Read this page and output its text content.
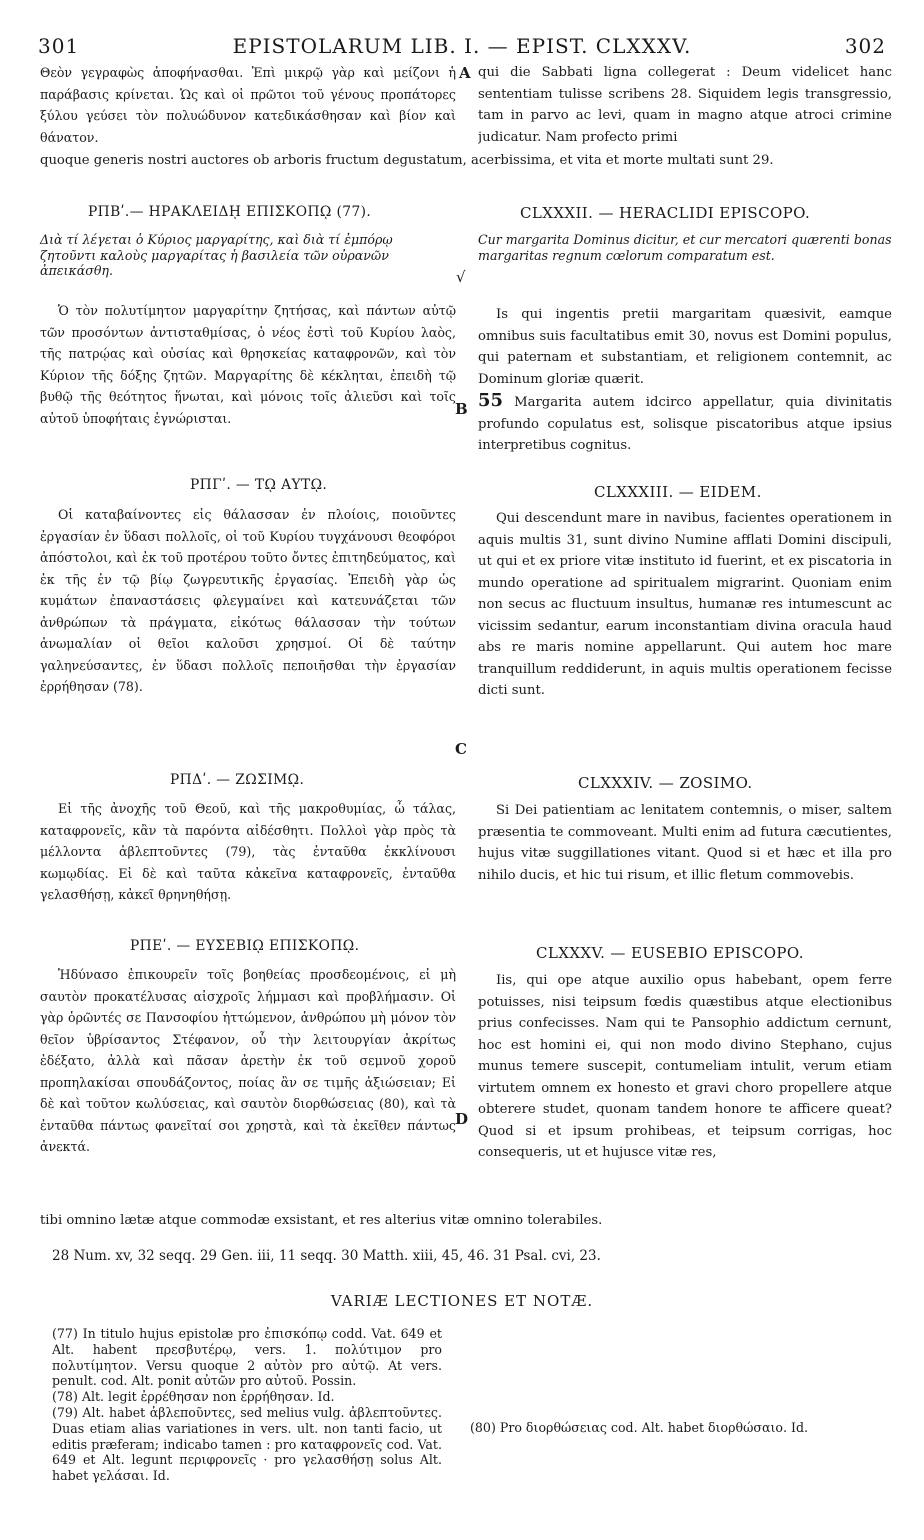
301	EPISTOLARUM LIB. I. — EPIST. CLXXXV.	302
Θεὸν γεγραφὼς ἀποφήνασθαι. Ἐπὶ μικρῷ γὰρ καὶ μείζονι ἡ παράβασις κρίνεται. Ὡς καὶ οἱ πρῶτοι τοῦ γένους προπάτορες ξύλου γεύσει τὸν πολυώδυνον κατεδικάσθησαν καὶ βίον καὶ θάνατον.
qui die Sabbati ligna collegerat : Deum videlicet hanc sententiam tulisse scribens 28. Siquidem legis transgressio, tam in parvo ac levi, quam in magno atque atroci crimine judicatur. Nam profecto primi
quoque generis nostri auctores ob arboris fructum degustatum, acerbissima, et vita et morte multati sunt 29.
A
B
C
D
√
ΡΠΒʹ.— ΗΡΑΚΛΕΙΔῌ ΕΠΙΣΚΟΠῼ (77).
Διὰ τί λέγεται ὁ Κύριος μαργαρίτης, καὶ διὰ τί ἐμπόρῳ ζητοῦντι καλοὺς μαργαρίτας ἡ βασιλεία τῶν οὐρανῶν ἀπεικάσθη.
Ὁ τὸν πολυτίμητον μαργαρίτην ζητήσας, καὶ πάντων αὐτῷ τῶν προσόντων ἀντισταθμίσας, ὁ νέος ἐστὶ τοῦ Κυρίου λαὸς, τῆς πατρῴας καὶ οὐσίας καὶ θρησκείας καταφρονῶν, καὶ τὸν Κύριον τῆς δόξης ζητῶν. Μαργαρίτης δὲ κέκληται, ἐπειδὴ τῷ βυθῷ τῆς θεότητος ἥνωται, καὶ μόνοις τοῖς ἁλιεῦσι καὶ τοῖς αὐτοῦ ὑποφήταις ἐγνώρισται.
CLXXXII. — HERACLIDI EPISCOPO.
Cur margarita Dominus dicitur, et cur mercatori quærenti bonas margaritas regnum cœlorum comparatum est.
Is qui ingentis pretii margaritam quæsivit, eamque omnibus suis facultatibus emit 30, novus est Domini populus, qui paternam et substantiam, et religionem contemnit, ac Dominum gloriæ quærit.
55 Margarita autem idcirco appellatur, quia divinitatis profundo copulatus est, solisque piscatoribus atque ipsius interpretibus cognitus.
ΡΠΓʹ. — Τῼ ΑΥΤῼ.
Οἱ καταβαίνοντες εἰς θάλασσαν ἐν πλοίοις, ποιοῦντες ἐργασίαν ἐν ὕδασι πολλοῖς, οἱ τοῦ Κυρίου τυγχάνουσι θεοφόροι ἀπόστολοι, καὶ ἐκ τοῦ προτέρου τοῦτο ὄντες ἐπιτηδεύματος, καὶ ἐκ τῆς ἐν τῷ βίῳ ζωγρευτικῆς ἐργασίας. Ἐπειδὴ γὰρ ὡς κυμάτων ἐπαναστάσεις φλεγμαίνει καὶ κατευνάζεται τῶν ἀνθρώπων τὰ πράγματα, εἰκότως θάλασσαν τὴν τούτων ἀνωμαλίαν οἱ θεῖοι καλοῦσι χρησμοί. Οἱ δὲ ταύτην γαληνεύσαντες, ἐν ὕδασι πολλοῖς πεποιῆσθαι τὴν ἐργασίαν ἐρρήθησαν (78).
CLXXXIII. — EIDEM.
Qui descendunt mare in navibus, facientes operationem in aquis multis 31, sunt divino Numine afflati Domini discipuli, ut qui et ex priore vitæ instituto id fuerint, et ex piscatoria in mundo operatione ad spiritualem migrarint. Quoniam enim non secus ac fluctuum insultus, humanæ res intumescunt ac vicissim sedantur, earum inconstantiam divina oracula haud abs re maris nomine appellarunt. Qui autem hoc mare tranquillum reddiderunt, in aquis multis operationem fecisse dicti sunt.
ΡΠΔʹ. — ΖΩΣΙΜῼ.
Εἰ τῆς ἀνοχῆς τοῦ Θεοῦ, καὶ τῆς μακροθυμίας, ὦ τάλας, καταφρονεῖς, κἂν τὰ παρόντα αἰδέσθητι. Πολλοὶ γὰρ πρὸς τὰ μέλλοντα ἀβλεπτοῦντες (79), τὰς ἐνταῦθα ἐκκλίνουσι κωμῳδίας. Εἰ δὲ καὶ ταῦτα κἀκεῖνα καταφρονεῖς, ἐνταῦθα γελασθήσῃ, κἀκεῖ θρηνηθήσῃ.
CLXXXIV. — ZOSIMO.
Si Dei patientiam ac lenitatem contemnis, o miser, saltem præsentia te commoveant. Multi enim ad futura cæcutientes, hujus vitæ suggillationes vitant. Quod si et hæc et illa pro nihilo ducis, et hic tui risum, et illic fletum commovebis.
ΡΠΕʹ. — ΕΥΣΕΒΙῼ ΕΠΙΣΚΟΠῼ.
Ἠδύνασο ἐπικουρεῖν τοῖς βοηθείας προσδεομένοις, εἰ μὴ σαυτὸν προκατέλυσας αἰσχροῖς λήμμασι καὶ προβλήμασιν. Οἱ γὰρ ὁρῶντές σε Πανσοφίου ἡττώμενον, ἀνθρώπου μὴ μόνον τὸν θεῖον ὑβρίσαντος Στέφανον, οὗ τὴν λειτουργίαν ἀκρίτως ἐδέξατο, ἀλλὰ καὶ πᾶσαν ἀρετὴν ἐκ τοῦ σεμνοῦ χοροῦ προπηλακίσαι σπουδάζοντος, ποίας ἂν σε τιμῆς ἀξιώσειαν; Εἰ δὲ καὶ τοῦτον κωλύσειας, καὶ σαυτὸν διορθώσειας (80), καὶ τὰ ἐνταῦθα πάντως φανεῖταί σοι χρηστὰ, καὶ τὰ ἐκεῖθεν πάντως ἀνεκτά.
CLXXXV. — EUSEBIO EPISCOPO.
Iis, qui ope atque auxilio opus habebant, opem ferre potuisses, nisi teipsum fœdis quæstibus atque electionibus prius confecisses. Nam qui te Pansophio addictum cernunt, hoc est homini ei, qui non modo divino Stephano, cujus munus temere suscepit, contumeliam intulit, verum etiam virtutem omnem ex honesto et gravi choro propellere atque obterere studet, quonam tandem honore te afficere queat? Quod si et ipsum prohibeas, et teipsum corrigas, hoc consequeris, ut et hujusce vitæ res,
tibi omnino lætæ atque commodæ exsistant, et res alterius vitæ omnino tolerabiles.
28 Num. xv, 32 seqq. 29 Gen. iii, 11 seqq. 30 Matth. xiii, 45, 46. 31 Psal. cvi, 23.
VARIÆ LECTIONES ET NOTÆ.

(77) In titulo hujus epistolæ pro ἐπισκόπῳ codd. Vat. 649 et Alt. habent πρεσβυτέρῳ, vers. 1. πολύτιμον pro πολυτίμητον. Versu quoque 2 αὐτὸν pro αὐτῷ. At vers. penult. cod. Alt. ponit αὐτῶν pro αὐτοῦ. Possin.

(78) Alt. legit ἐρρέθησαν non ἐρρήθησαν. Id.

(79) Alt. habet ἀβλεποῦντες, sed melius vulg. ἀβλεπτοῦντες. Duas etiam alias variationes in vers. ult. non tanti facio, ut editis præferam; indicabo tamen : pro καταφρονεῖς cod. Vat. 649 et Alt. legunt περιφρονεῖς · pro γελασθήσῃ solus Alt. habet γελάσαι. Id.

(80) Pro διορθώσειας cod. Alt. habet διορθώσαιο. Id.
